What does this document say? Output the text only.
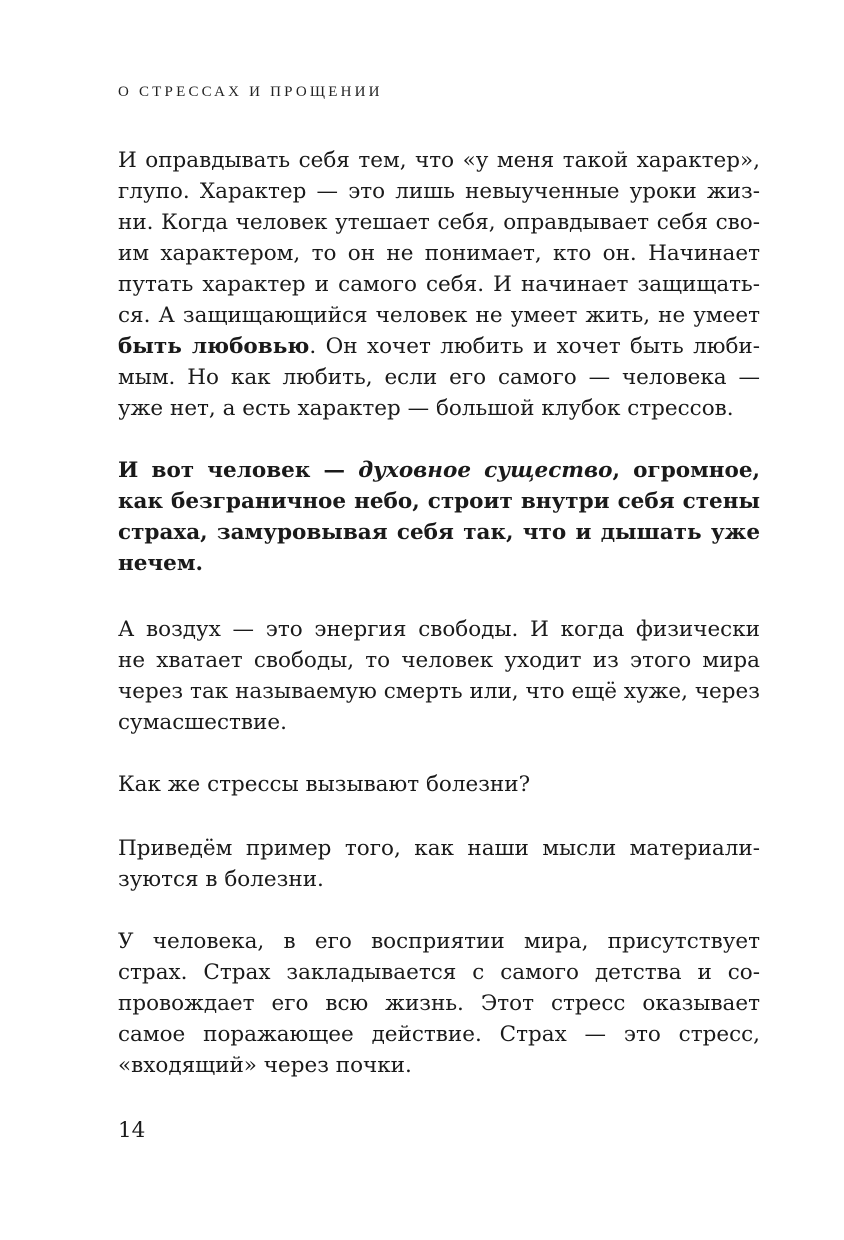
О СТРЕССАХ И ПРОЩЕНИИ
И оправдывать себя тем, что «у меня такой характер»,
глупо. Характер — это лишь невыученные уроки жиз-
ни. Когда человек утешает себя, оправдывает себя сво-
им характером, то он не понимает, кто он. Начинает
путать характер и самого себя. И начинает защищать-
ся. А защищающийся человек не умеет жить, не умеет
быть любовью. Он хочет любить и хочет быть люби-
мым. Но как любить, если его самого — человека —
уже нет, а есть характер — большой клубок стрессов.
И вот человек — духовное существо, огромное,
как безграничное небо, строит внутри себя стены
страха, замуровывая себя так, что и дышать уже
нечем.
А воздух — это энергия свободы. И когда физически
не хватает свободы, то человек уходит из этого мира
через так называемую смерть или, что ещё хуже, через
сумасшествие.
Как же стрессы вызывают болезни?
Приведём пример того, как наши мысли материали-
зуются в болезни.
У человека, в его восприятии мира, присутствует
страх. Страх закладывается с самого детства и со-
провождает его всю жизнь. Этот стресс оказывает
самое поражающее действие. Страх — это стресс,
«входящий» через почки.
14
